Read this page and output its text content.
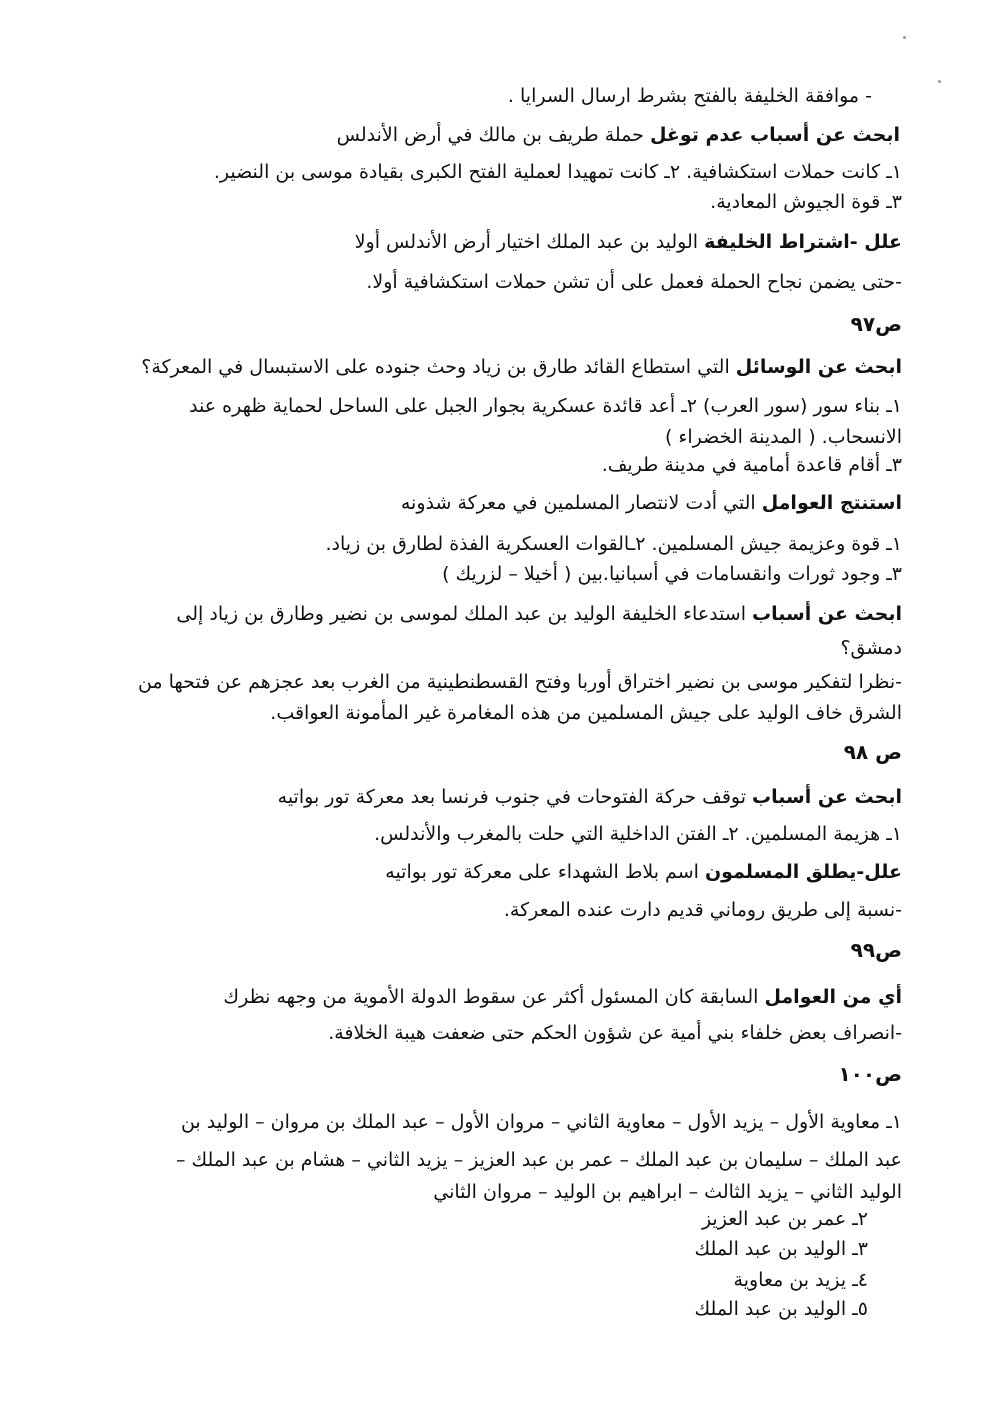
- موافقة الخليفة بالفتح بشرط ارسال السرايا .
ابحث عن أسباب عدم توغل حملة طريف بن مالك في أرض الأندلس
١ـ كانت حملات استكشافية. ٢ـ كانت تمهيدا لعملية الفتح الكبرى بقيادة موسى بن النضير.
٣ـ قوة الجيوش المعادية.
علل -اشتراط الخليفة الوليد بن عبد الملك اختيار أرض الأندلس أولا
-حتى يضمن نجاح الحملة فعمل على أن تشن حملات استكشافية أولا.
ص٩٧
ابحث عن الوسائل التي استطاع القائد طارق بن زياد وحث جنوده على الاستبسال في المعركة؟
١ـ بناء سور (سور العرب) ٢ـ أعد قائدة عسكرية بجوار الجبل على الساحل لحماية ظهره عند
الانسحاب. ( المدينة الخضراء )
٣ـ أقام قاعدة أمامية في مدينة طريف.
استنتج العوامل التي أدت لانتصار المسلمين في معركة شذونه
١ـ قوة وعزيمة جيش المسلمين. ٢ـالقوات العسكرية الفذة لطارق بن زياد.
٣ـ وجود ثورات وانقسامات في أسبانيا.بين ( أخيلا – لزريك )
ابحث عن أسباب استدعاء الخليفة الوليد بن عبد الملك لموسى بن نضير وطارق بن زياد إلى
دمشق؟
-نظرا لتفكير موسى بن نضير اختراق أوربا وفتح القسطنطينية من الغرب بعد عجزهم عن فتحها من
الشرق خاف الوليد على جيش المسلمين من هذه المغامرة غير المأمونة العواقب.
ص ٩٨
ابحث عن أسباب توقف حركة الفتوحات في جنوب فرنسا بعد معركة تور بواتيه
١ـ هزيمة المسلمين. ٢ـ الفتن الداخلية التي حلت بالمغرب والأندلس.
علل-يطلق المسلمون اسم بلاط الشهداء على معركة تور بواتيه
-نسبة إلى طريق روماني قديم دارت عنده المعركة.
ص٩٩
أي من العوامل السابقة كان المسئول أكثر عن سقوط الدولة الأموية من وجهه نظرك
-انصراف بعض خلفاء بني أمية عن شؤون الحكم حتى ضعفت هيبة الخلافة.
ص١٠٠
١ـ معاوية الأول – يزيد الأول – معاوية الثاني – مروان الأول – عبد الملك بن مروان – الوليد بن
عبد الملك – سليمان بن عبد الملك – عمر بن عبد العزيز – يزيد الثاني – هشام بن عبد الملك –
الوليد الثاني – يزيد الثالث – ابراهيم بن الوليد – مروان الثاني
٢ـ عمر بن عبد العزيز
٣ـ الوليد بن عبد الملك
٤ـ يزيد بن معاوية
٥ـ الوليد بن عبد الملك
